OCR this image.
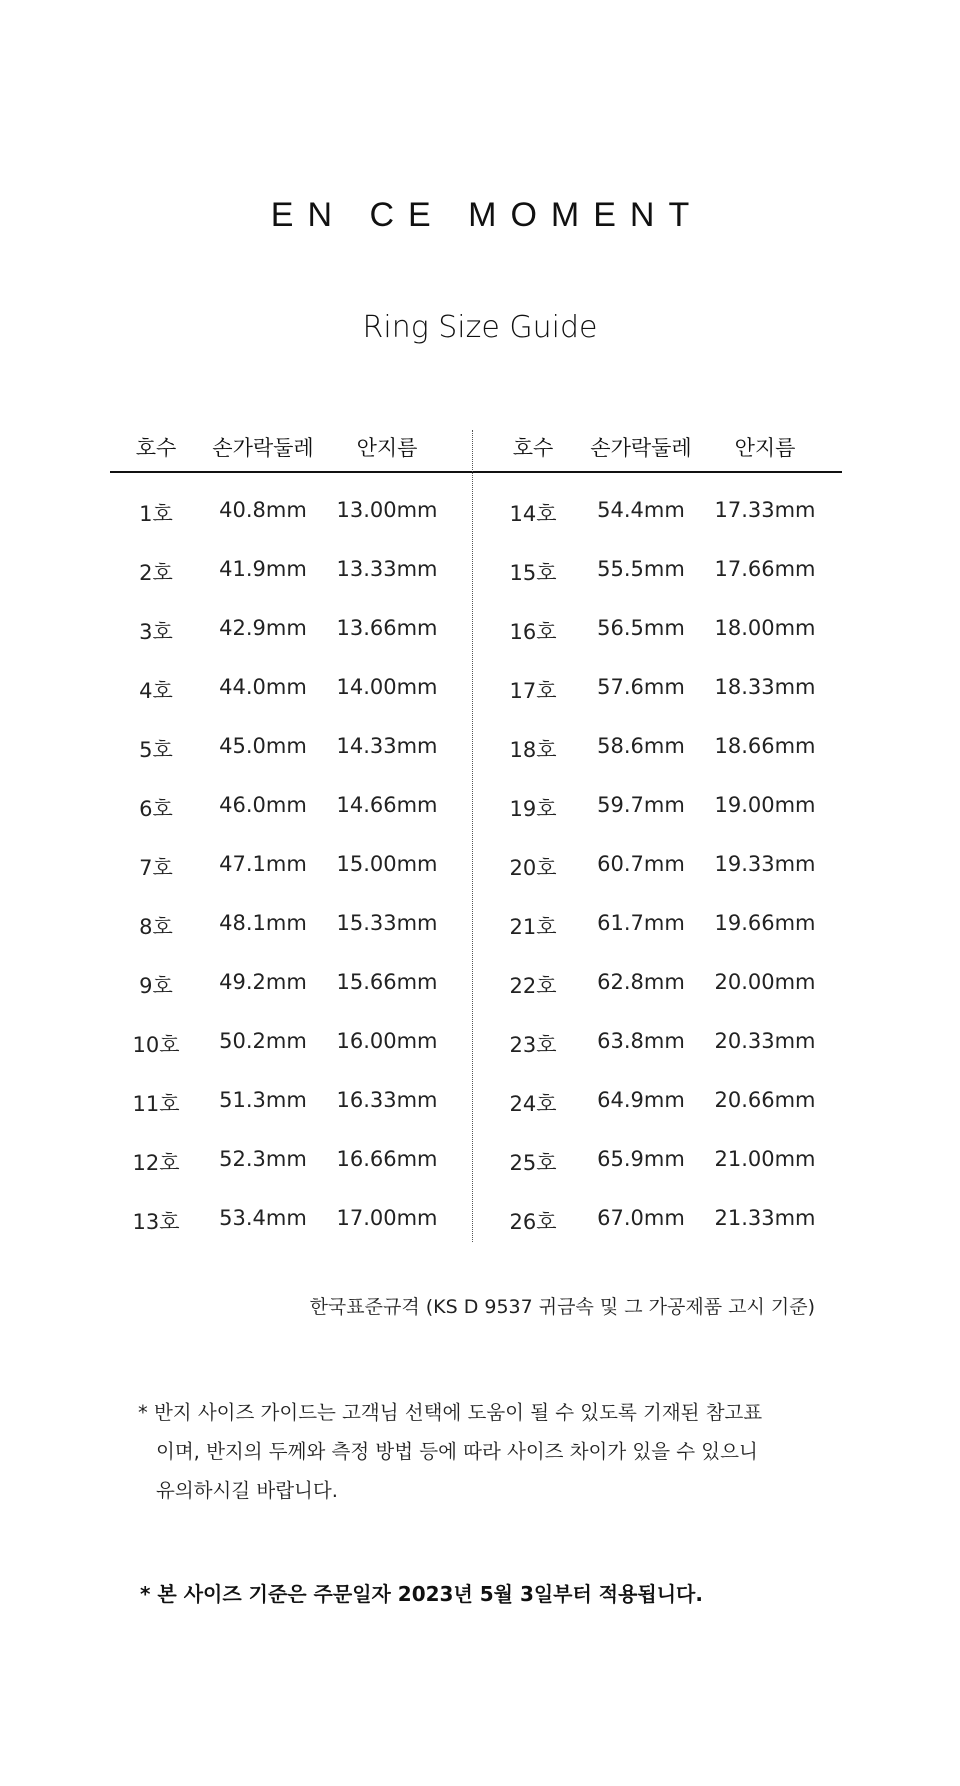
EN CE MOMENT
Ring Size Guide
호수	손가락둘레	안지름	호수	손가락둘레	안지름
1호	40.8mm	13.00mm
2호	41.9mm	13.33mm
3호	42.9mm	13.66mm
4호	44.0mm	14.00mm
5호	45.0mm	14.33mm
6호	46.0mm	14.66mm
7호	47.1mm	15.00mm
8호	48.1mm	15.33mm
9호	49.2mm	15.66mm
10호	50.2mm	16.00mm
11호	51.3mm	16.33mm
12호	52.3mm	16.66mm
13호	53.4mm	17.00mm
14호	54.4mm	17.33mm
15호	55.5mm	17.66mm
16호	56.5mm	18.00mm
17호	57.6mm	18.33mm
18호	58.6mm	18.66mm
19호	59.7mm	19.00mm
20호	60.7mm	19.33mm
21호	61.7mm	19.66mm
22호	62.8mm	20.00mm
23호	63.8mm	20.33mm
24호	64.9mm	20.66mm
25호	65.9mm	21.00mm
26호	67.0mm	21.33mm
한국표준규격 (KS D 9537 귀금속 및 그 가공제품 고시 기준)
* 반지 사이즈 가이드는 고객님 선택에 도움이 될 수 있도록 기재된 참고표
이며, 반지의 두께와 측정 방법 등에 따라 사이즈 차이가 있을 수 있으니
유의하시길 바랍니다.
* 본 사이즈 기준은 주문일자 2023년 5월 3일부터 적용됩니다.
